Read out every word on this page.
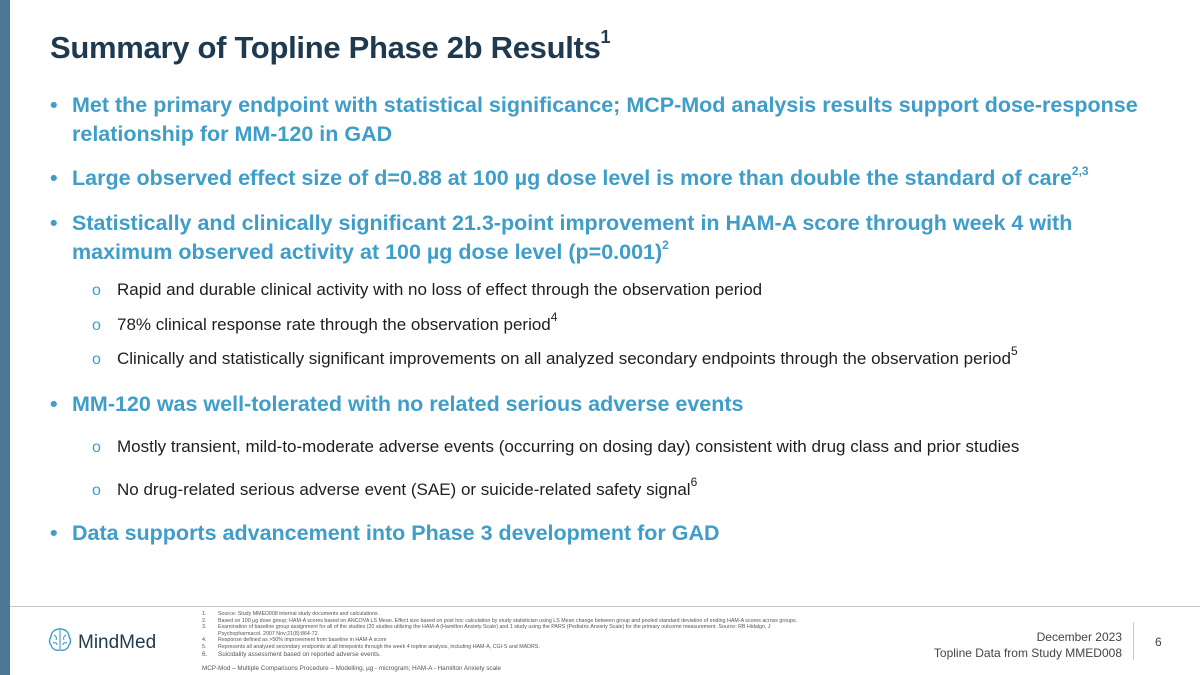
Summary of Topline Phase 2b Results$^1$
• Met the primary endpoint with statistical significance; MCP-Mod analysis results support dose-response relationship for MM-120 in GAD
• Large observed effect size of d=0.88 at 100 µg dose level is more than double the standard of care$^{2,3}$
• Statistically and clinically significant 21.3-point improvement in HAM-A score through week 4 with maximum observed activity at 100 µg dose level (p=0.001)$^2$
o Rapid and durable clinical activity with no loss of effect through the observation period
o 78% clinical response rate through the observation period$^4$
o Clinically and statistically significant improvements on all analyzed secondary endpoints through the observation period$^5$
• MM-120 was well-tolerated with no related serious adverse events
o Mostly transient, mild-to-moderate adverse events (occurring on dosing day) consistent with drug class and prior studies
o No drug-related serious adverse event (SAE) or suicide-related safety signal$^6$
• Data supports advancement into Phase 3 development for GAD
MindMed
1. Source: Study MMED008 internal study documents and calculations.
2. Based on 100 µg dose group; HAM-A scores based on ANCOVA LS Mean. Effect size based on post hoc calculation by study statistician using LS Mean change between group and pooled standard deviation of ending HAM-A scores across groups.
3. Examination of baseline group assignment for all of the studies (20 studies utilizing the HAM-A (Hamilton Anxiety Scale) and 1 study using the PARS (Pediatric Anxiety Scale) for the primary outcome measurement. Source: RB Hidalgo, J
Psychopharmacol. 2007 Nov;21(8):864-72.
4. Response defined as >50% improvement from baseline in HAM-A score
5. Represents all analyzed secondary endpoints at all timepoints through the week 4 topline analysis, including HAM-A, CGI-S and MADRS.
6. Suicidality assessment based on reported adverse events.
MCP-Mod – Multiple Comparisons Procedure – Modelling, µg - microgram; HAM-A - Hamilton Anxiety scale
December 2023
Topline Data from Study MMED008
6
